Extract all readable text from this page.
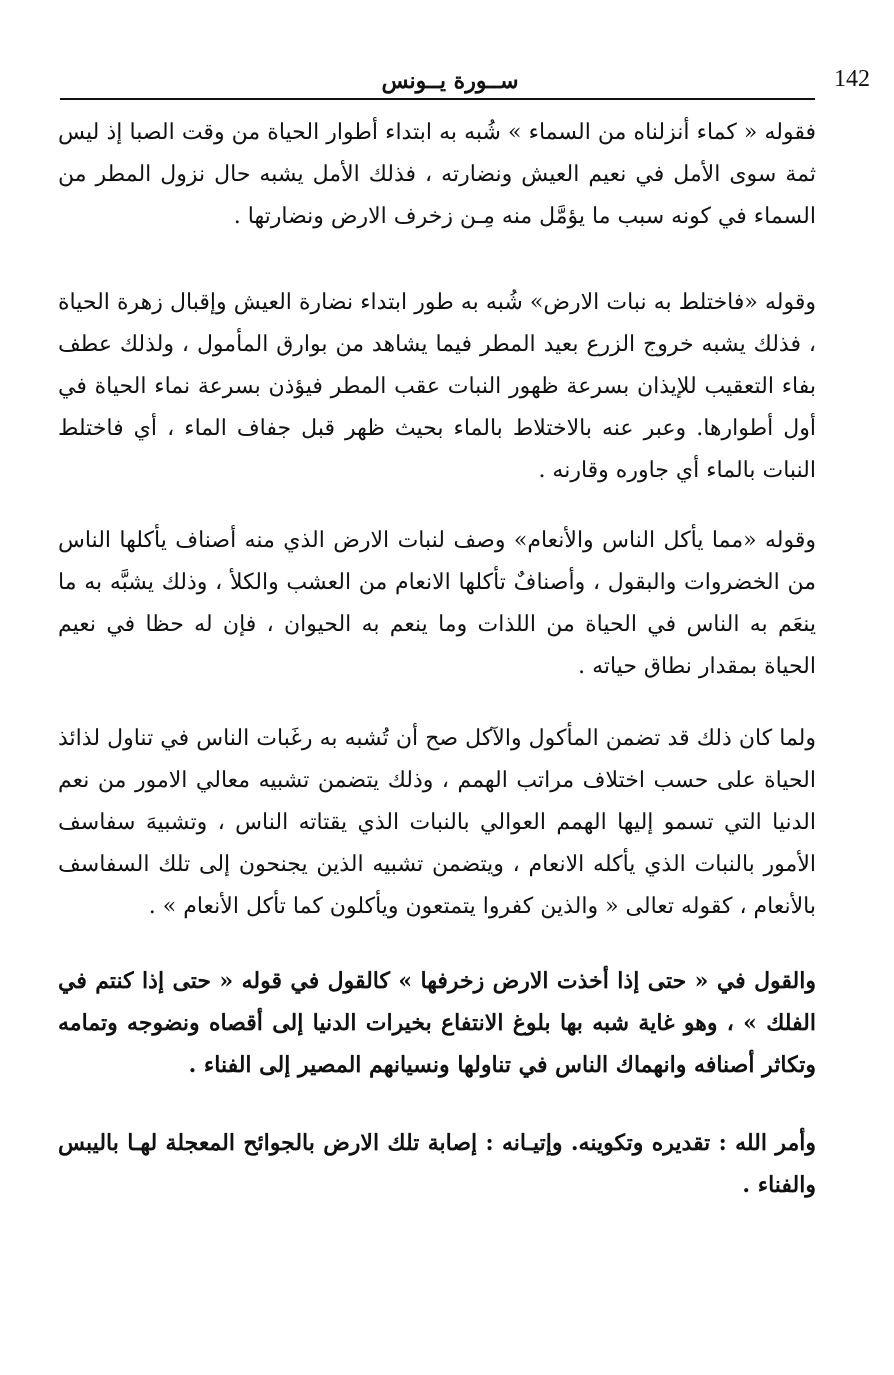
142
ســورة يــونس

فقوله « كماء أنزلناه من السماء » شُبه به ابتداء أطوار الحياة من وقت الصبا إذ ليس ثمة سوى الأمل في نعيم العيش ونضارته ، فذلك الأمل يشبه حال نزول المطر من السماء في كونه سبب ما يؤمَّل منه مِـن زخرف الارض ونضارتها .

وقوله «فاختلط به نبات الارض» شُبه به طور ابتداء نضارة العيش وإقبال زهرة الحياة ، فذلك يشبه خروج الزرع بعيد المطر فيما يشاهد من بوارق المأمول ، ولذلك عطف بفاء التعقيب للإيذان بسرعة ظهور النبات عقب المطر فيؤذن بسرعة نماء الحياة في أول أطوارها. وعبر عنه بالاختلاط بالماء بحيث ظهر قبل جفاف الماء ، أي فاختلط النبات بالماء أي جاوره وقارنه .

وقوله «مما يأكل الناس والأنعام» وصف لنبات الارض الذي منه أصناف يأكلها الناس من الخضروات والبقول ، وأصنافٌ تأكلها الانعام من العشب والكلأ ، وذلك يشبَّه به ما ينعَم به الناس في الحياة من اللذات وما ينعم به الحيوان ، فإن له حظا في نعيم الحياة بمقدار نطاق حياته .

ولما كان ذلك قد تضمن المأكول والآكل صح أن تُشبه به رغَبات الناس في تناول لذائذ الحياة على حسب اختلاف مراتب الهمم ، وذلك يتضمن تشبيه معالي الامور من نعم الدنيا التي تسمو إليها الهمم العوالي بالنبات الذي يقتاته الناس ، وتشبيهَ سفاسف الأمور بالنبات الذي يأكله الانعام ، ويتضمن تشبيه الذين يجنحون إلى تلك السفاسف بالأنعام ، كقوله تعالى « والذين كفروا يتمتعون ويأكلون كما تأكل الأنعام » .

والقول في « حتى إذا أخذت الارض زخرفها » كالقول في قوله « حتى إذا كنتم في الفلك » ، وهو غاية شبه بها بلوغ الانتفاع بخيرات الدنيا إلى أقصاه ونضوجه وتمامه وتكاثر أصنافه وانهماك الناس في تناولها ونسيانهم المصير إلى الفناء .

وأمر الله : تقديره وتكوينه. وإتيـانه : إصابة تلك الارض بالجوائح المعجلة لهـا باليبس والفناء .
